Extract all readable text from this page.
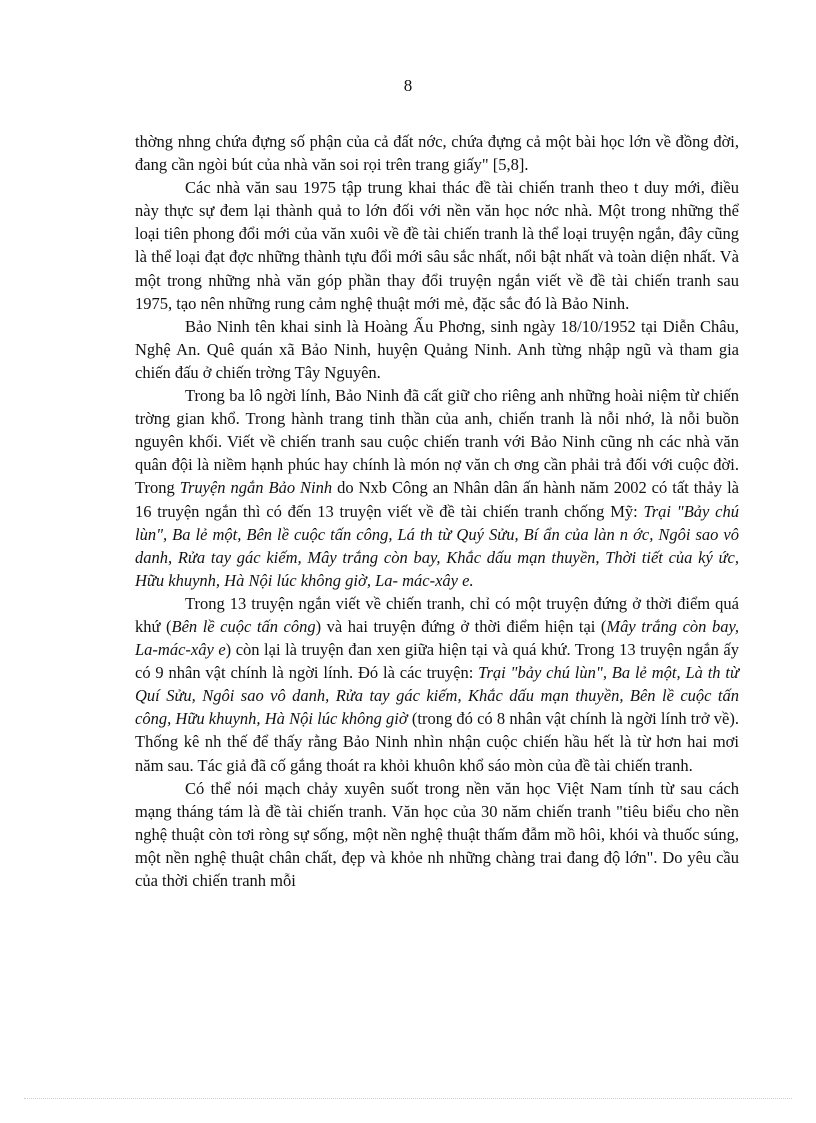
8

thờng nhng chứa đựng số phận của cả đất nớc, chứa đựng cả một bài học lớn về đồng đời, đang cần ngòi bút của nhà văn soi rọi trên trang giấy" [5,8].

Các nhà văn sau 1975 tập trung khai thác đề tài chiến tranh theo t duy mới, điều này thực sự đem lại thành quả to lớn đối với nền văn học nớc nhà. Một trong những thể loại tiên phong đổi mới của văn xuôi về đề tài chiến tranh là thể loại truyện ngắn, đây cũng là thể loại đạt đợc những thành tựu đổi mới sâu sắc nhất, nổi bật nhất và toàn diện nhất. Và một trong những nhà văn góp phần thay đổi truyện ngắn viết về đề tài chiến tranh sau 1975, tạo nên những rung cảm nghệ thuật mới mẻ, đặc sắc đó là Bảo Ninh.

Bảo Ninh tên khai sinh là Hoàng Ấu Phơng, sinh ngày 18/10/1952 tại Diễn Châu, Nghệ An. Quê quán xã Bảo Ninh, huyện Quảng Ninh. Anh từng nhập ngũ và tham gia chiến đấu ở chiến trờng Tây Nguyên.

Trong ba lô ngời lính, Bảo Ninh đã cất giữ cho riêng anh những hoài niệm từ chiến trờng gian khổ. Trong hành trang tinh thần của anh, chiến tranh là nỗi nhớ, là nỗi buồn nguyên khối. Viết về chiến tranh sau cuộc chiến tranh với Bảo Ninh cũng nh các nhà văn quân đội là niềm hạnh phúc hay chính là món nợ văn ch ơng cần phải trả đối với cuộc đời. Trong Truyện ngắn Bảo Ninh do Nxb Công an Nhân dân ấn hành năm 2002 có tất thảy là 16 truyện ngắn thì có đến 13 truyện viết về đề tài chiến tranh chống Mỹ: Trại "Bảy chú lùn", Ba lẻ một, Bên lề cuộc tấn công, Lá th từ Quý Sửu, Bí ẩn của làn n ớc, Ngôi sao vô danh, Rửa tay gác kiếm, Mây trắng còn bay, Khắc dấu mạn thuyền, Thời tiết của ký ức, Hữu khuynh, Hà Nội lúc không giờ, La- mác-xây e.

Trong 13 truyện ngắn viết về chiến tranh, chỉ có một truyện đứng ở thời điểm quá khứ (Bên lề cuộc tấn công) và hai truyện đứng ở thời điểm hiện tại (Mây trắng còn bay, La-mác-xây e) còn lại là truyện đan xen giữa hiện tại và quá khứ. Trong 13 truyện ngắn ấy có 9 nhân vật chính là ngời lính. Đó là các truyện: Trại "bảy chú lùn", Ba lẻ một, Là th từ Quí Sửu, Ngôi sao vô danh, Rửa tay gác kiếm, Khắc dấu mạn thuyền, Bên lề cuộc tấn công, Hữu khuynh, Hà Nội lúc không giờ (trong đó có 8 nhân vật chính là ngời lính trở về). Thống kê nh thế để thấy rằng Bảo Ninh nhìn nhận cuộc chiến hầu hết là từ hơn hai mơi năm sau. Tác giả đã cố gắng thoát ra khỏi khuôn khổ sáo mòn của đề tài chiến tranh.

Có thể nói mạch chảy xuyên suốt trong nền văn học Việt Nam tính từ sau cách mạng tháng tám là đề tài chiến tranh. Văn học của 30 năm chiến tranh "tiêu biểu cho nền nghệ thuật còn tơi ròng sự sống, một nền nghệ thuật thấm đẫm mồ hôi, khói và thuốc súng, một nền nghệ thuật chân chất, đẹp và khỏe nh những chàng trai đang độ lớn". Do yêu cầu của thời chiến tranh mỗi
